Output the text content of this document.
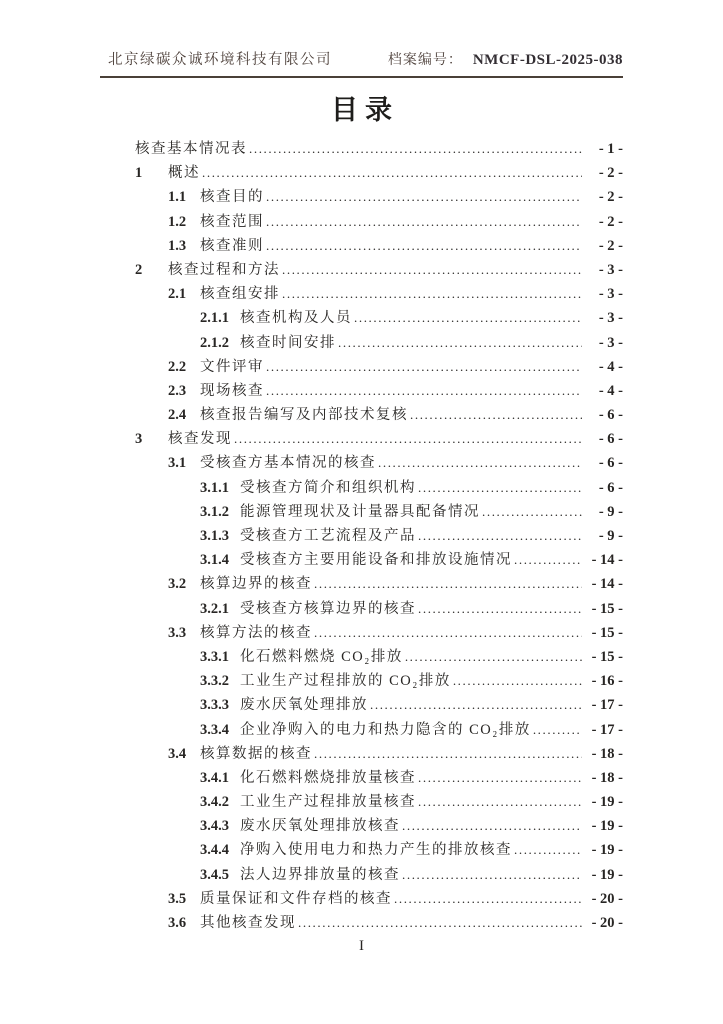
北京绿碳众诚环境科技有限公司	档案编号： NMCF-DSL-2025-038
目录
核查基本情况表 .....	- 1 -
1	概述 .....	- 2 -
1.1 核查目的 .....	- 2 -
1.2 核查范围 .....	- 2 -
1.3 核查准则 .....	- 2 -
2	核查过程和方法 .....	- 3 -
2.1 核查组安排 .....	- 3 -
2.1.1 核查机构及人员 .....	- 3 -
2.1.2 核查时间安排 .....	- 3 -
2.2 文件评审 .....	- 4 -
2.3 现场核查 .....	- 4 -
2.4 核查报告编写及内部技术复核 .....	- 6 -
3	核查发现 .....	- 6 -
3.1 受核查方基本情况的核查 .....	- 6 -
3.1.1 受核查方简介和组织机构 .....	- 6 -
3.1.2 能源管理现状及计量器具配备情况 .....	- 9 -
3.1.3 受核查方工艺流程及产品 .....	- 9 -
3.1.4 受核查方主要用能设备和排放设施情况 .....	- 14 -
3.2 核算边界的核查 .....	- 14 -
3.2.1 受核查方核算边界的核查 .....	- 15 -
3.3 核算方法的核查 .....	- 15 -
3.3.1 化石燃料燃烧 CO₂排放 .....	- 15 -
3.3.2 工业生产过程排放的 CO₂排放 .....	- 16 -
3.3.3 废水厌氧处理排放 .....	- 17 -
3.3.4 企业净购入的电力和热力隐含的 CO₂排放 .....	- 17 -
3.4 核算数据的核查 .....	- 18 -
3.4.1 化石燃料燃烧排放量核查 .....	- 18 -
3.4.2 工业生产过程排放量核查 .....	- 19 -
3.4.3 废水厌氧处理排放核查 .....	- 19 -
3.4.4 净购入使用电力和热力产生的排放核查 .....	- 19 -
3.4.5 法人边界排放量的核查 .....	- 19 -
3.5 质量保证和文件存档的核查 .....	- 20 -
3.6 其他核查发现 .....	- 20 -
I
